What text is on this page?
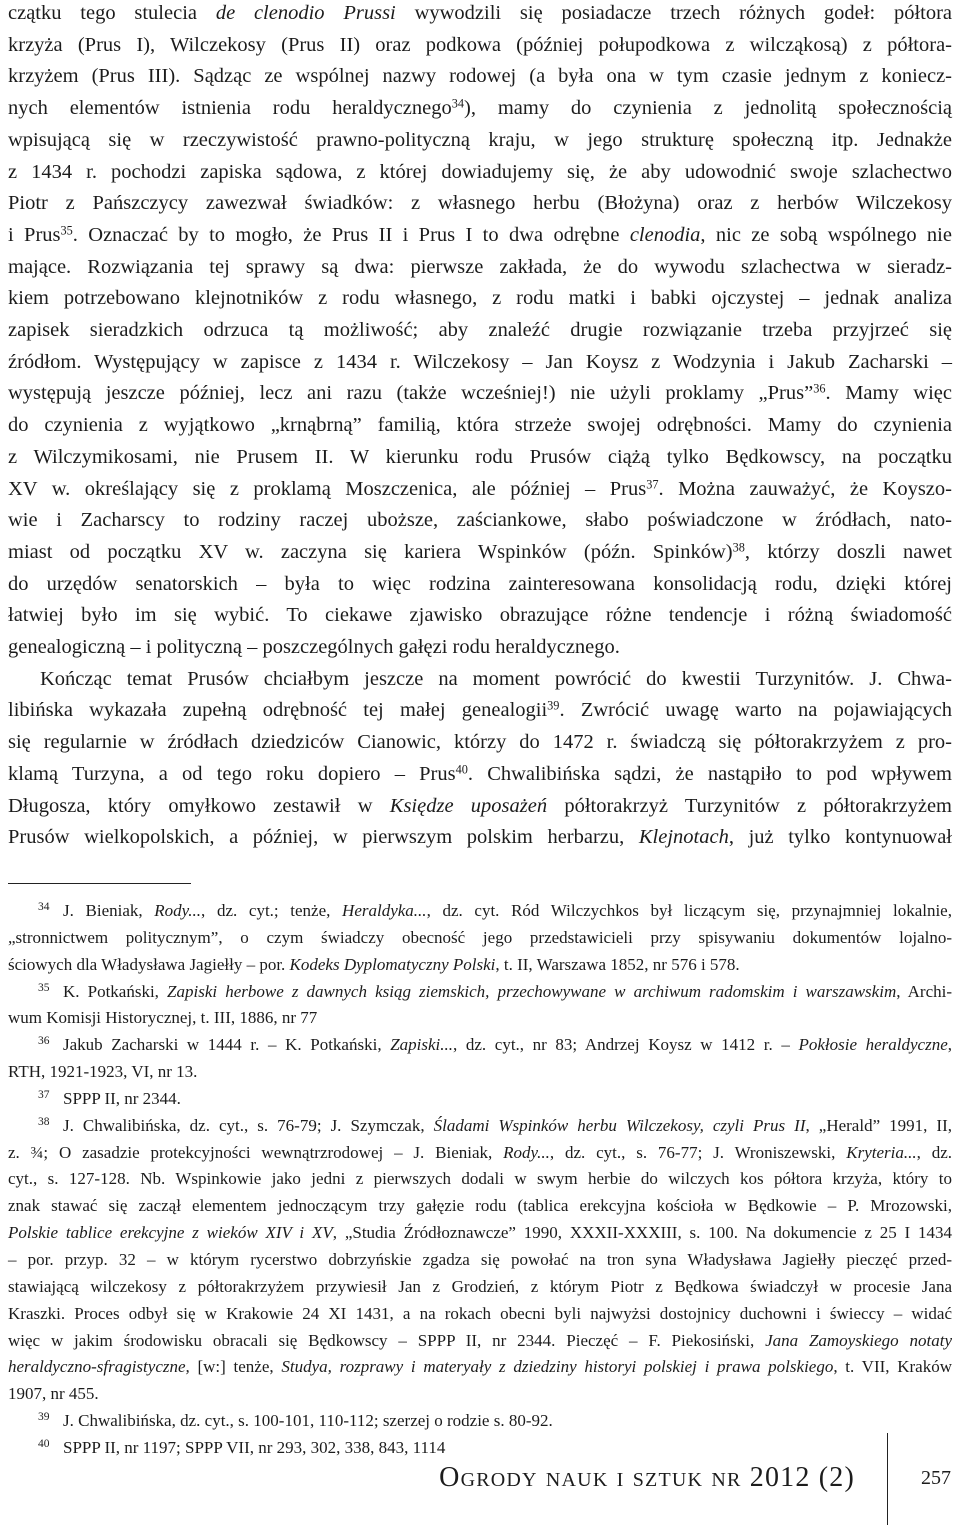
czątku tego stulecia de clenodio Prussi wywodzili się posiadacze trzech różnych godeł: półtora
krzyża (Prus I), Wilczekosy (Prus II) oraz podkowa (później połupodkowa z wilcząkosą) z półtora-
krzyżem (Prus III). Sądząc ze wspólnej nazwy rodowej (a była ona w tym czasie jednym z koniecz-
nych elementów istnienia rodu heraldycznego$^{34}$), mamy do czynienia z jednolitą społecznością
wpisującą się w rzeczywistość prawno-polityczną kraju, w jego strukturę społeczną itp. Jednakże
z 1434 r. pochodzi zapiska sądowa, z której dowiadujemy się, że aby udowodnić swoje szlachectwo
Piotr z Pańszczycy zawezwał świadków: z własnego herbu (Błożyna) oraz z herbów Wilczekosy
i Prus$^{35}$. Oznaczać by to mogło, że Prus II i Prus I to dwa odrębne clenodia, nic ze sobą wspólnego nie
mające. Rozwiązania tej sprawy są dwa: pierwsze zakłada, że do wywodu szlachectwa w sieradz-
kiem potrzebowano klejnotników z rodu własnego, z rodu matki i babki ojczystej – jednak analiza
zapisek sieradzkich odrzuca tą możliwość; aby znaleźć drugie rozwiązanie trzeba przyjrzeć się
źródłom. Występujący w zapisce z 1434 r. Wilczekosy – Jan Koysz z Wodzynia i Jakub Zacharski –
występują jeszcze później, lecz ani razu (także wcześniej!) nie użyli proklamy „Prus”$^{36}$. Mamy więc
do czynienia z wyjątkowo „krnąbrną” familią, która strzeże swojej odrębności. Mamy do czynienia
z Wilczymikosami, nie Prusem II. W kierunku rodu Prusów ciążą tylko Będkowscy, na początku
XV w. określający się z proklamą Moszczenica, ale później – Prus$^{37}$. Można zauważyć, że Koyszo-
wie i Zacharscy to rodziny raczej uboższe, zaściankowe, słabo poświadczone w źródłach, nato-
miast od początku XV w. zaczyna się kariera Wspinków (późn. Spinków)$^{38}$, którzy doszli nawet
do urzędów senatorskich – była to więc rodzina zainteresowana konsolidacją rodu, dzięki której
łatwiej było im się wybić. To ciekawe zjawisko obrazujące różne tendencje i różną świadomość
genealogiczną – i polityczną – poszczególnych gałęzi rodu heraldycznego.
Kończąc temat Prusów chciałbym jeszcze na moment powrócić do kwestii Turzynitów. J. Chwa-
libińska wykazała zupełną odrębność tej małej genealogii$^{39}$. Zwrócić uwagę warto na pojawiających
się regularnie w źródłach dziedziców Cianowic, którzy do 1472 r. świadczą się półtorakrzyżem z pro-
klamą Turzyna, a od tego roku dopiero – Prus$^{40}$. Chwalibińska sądzi, że nastąpiło to pod wpływem
Długosza, który omyłkowo zestawił w Księdze uposażeń półtorakrzyż Turzynitów z półtorakrzyżem
Prusów wielkopolskich, a później, w pierwszym polskim herbarzu, Klejnotach, już tylko kontynuował
34 J. Bieniak, Rody..., dz. cyt.; tenże, Heraldyka..., dz. cyt. Ród Wilczychkos był liczącym się, przynajmniej lokalnie,
„stronnictwem politycznym”, o czym świadczy obecność jego przedstawicieli przy spisywaniu dokumentów lojalno-
ściowych dla Władysława Jagiełły – por. Kodeks Dyplomatyczny Polski, t. II, Warszawa 1852, nr 576 i 578.
35 K. Potkański, Zapiski herbowe z dawnych ksiąg ziemskich, przechowywane w archiwum radomskim i warszawskim, Archi-
wum Komisji Historycznej, t. III, 1886, nr 77
36 Jakub Zacharski w 1444 r. – K. Potkański, Zapiski..., dz. cyt., nr 83; Andrzej Koysz w 1412 r. – Pokłosie heraldyczne,
RTH, 1921-1923, VI, nr 13.
37 SPPP II, nr 2344.
38 J. Chwalibińska, dz. cyt., s. 76-79; J. Szymczak, Śladami Wspinków herbu Wilczekosy, czyli Prus II, „Herald” 1991, II,
z. ¾; O zasadzie protekcyjności wewnątrzrodowej – J. Bieniak, Rody..., dz. cyt., s. 76-77; J. Wroniszewski, Kryteria..., dz.
cyt., s. 127-128. Nb. Wspinkowie jako jedni z pierwszych dodali w swym herbie do wilczych kos półtora krzyża, który to
znak stawać się zaczął elementem jednoczącym trzy gałęzie rodu (tablica erekcyjna kościoła w Będkowie – P. Mrozowski,
Polskie tablice erekcyjne z wieków XIV i XV, „Studia Źródłoznawcze” 1990, XXXII-XXXIII, s. 100. Na dokumencie z 25 I 1434
– por. przyp. 32 – w którym rycerstwo dobrzyńskie zgadza się powołać na tron syna Władysława Jagiełły pieczęć przed-
stawiającą wilczekosy z półtorakrzyżem przywiesił Jan z Grodzień, z którym Piotr z Będkowa świadczył w procesie Jana
Kraszki. Proces odbył się w Krakowie 24 XI 1431, a na rokach obecni byli najwyżsi dostojnicy duchowni i świeccy – widać
więc w jakim środowisku obracali się Będkowscy – SPPP II, nr 2344. Pieczęć – F. Piekosiński, Jana Zamoyskiego notaty
heraldyczno-sfragistyczne, [w:] tenże, Studya, rozprawy i materyały z dziedziny historyi polskiej i prawa polskiego, t. VII, Kraków
1907, nr 455.
39 J. Chwalibińska, dz. cyt., s. 100-101, 110-112; szerzej o rodzie s. 80-92.
40 SPPP II, nr 1197; SPPP VII, nr 293, 302, 338, 843, 1114
Ogrody nauk i sztuk nr 2012 (2)	257
